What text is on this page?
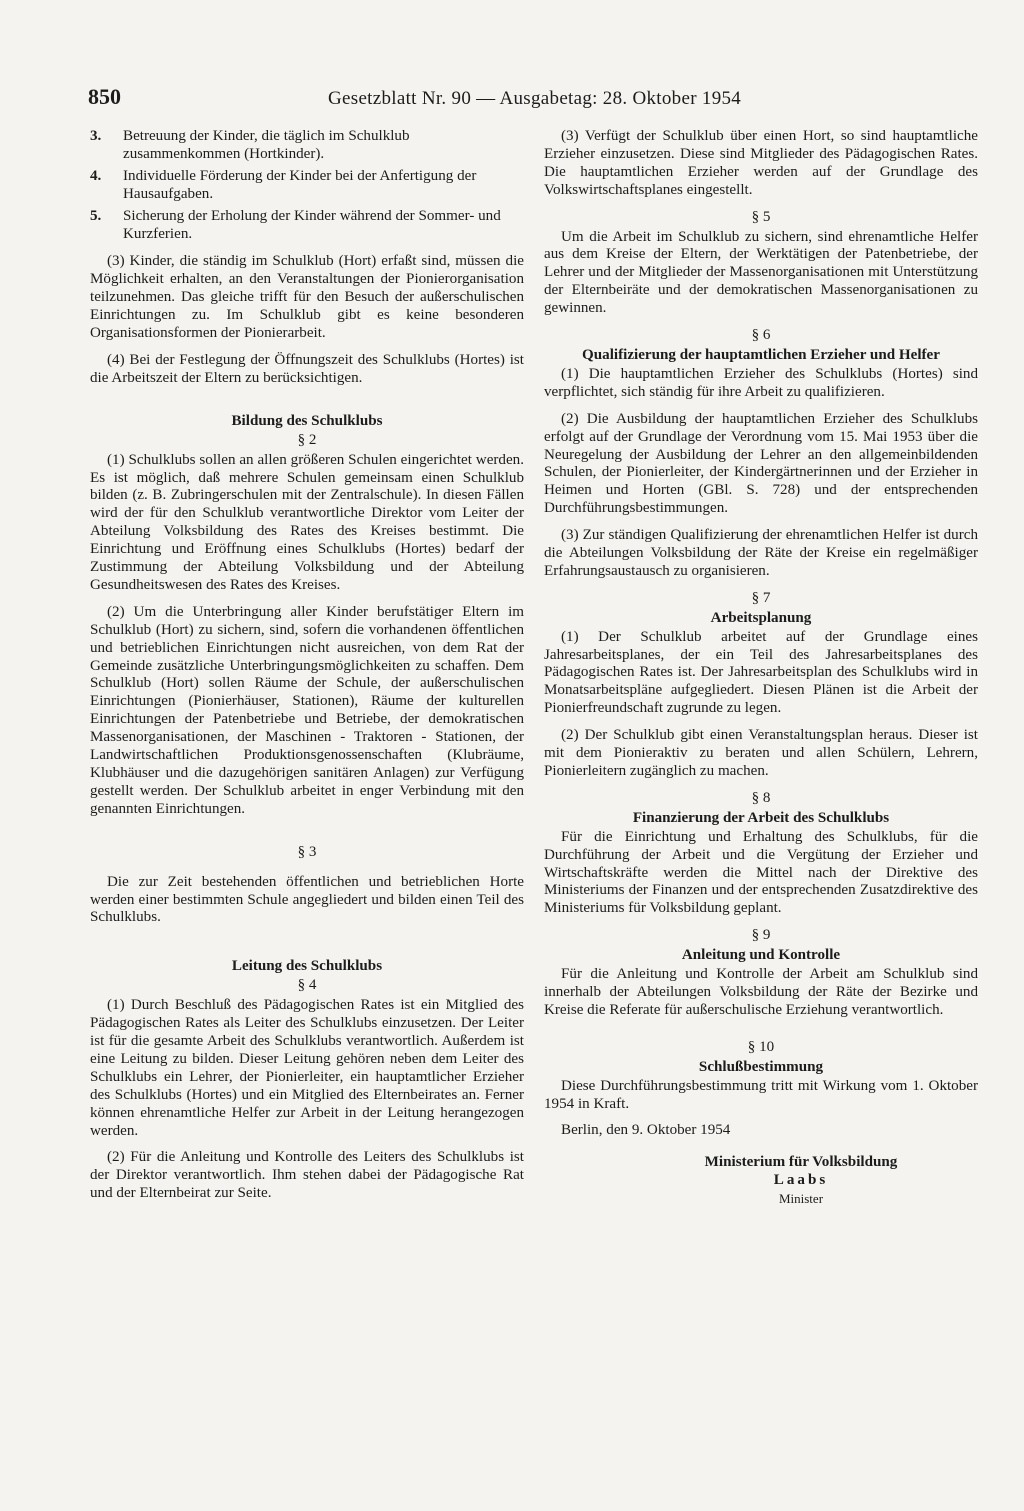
850	Gesetzblatt Nr. 90 — Ausgabetag: 28. Oktober 1954
3.	Betreuung der Kinder, die täglich im Schulklub zusammenkommen (Hortkinder).
4.	Individuelle Förderung der Kinder bei der Anfertigung der Hausaufgaben.
5.	Sicherung der Erholung der Kinder während der Sommer- und Kurzferien.

(3) Kinder, die ständig im Schulklub (Hort) erfaßt sind, müssen die Möglichkeit erhalten, an den Veranstaltungen der Pionierorganisation teilzunehmen. Das gleiche trifft für den Besuch der außerschulischen Einrichtungen zu. Im Schulklub gibt es keine besonderen Organisationsformen der Pionierarbeit.

(4) Bei der Festlegung der Öffnungszeit des Schulklubs (Hortes) ist die Arbeitszeit der Eltern zu berücksichtigen.

Bildung des Schulklubs
§ 2

(1) Schulklubs sollen an allen größeren Schulen eingerichtet werden. Es ist möglich, daß mehrere Schulen gemeinsam einen Schulklub bilden (z. B. Zubringerschulen mit der Zentralschule). In diesen Fällen wird der für den Schulklub verantwortliche Direktor vom Leiter der Abteilung Volksbildung des Rates des Kreises bestimmt. Die Einrichtung und Eröffnung eines Schulklubs (Hortes) bedarf der Zustimmung der Abteilung Volksbildung und der Abteilung Gesundheitswesen des Rates des Kreises.

(2) Um die Unterbringung aller Kinder berufstätiger Eltern im Schulklub (Hort) zu sichern, sind, sofern die vorhandenen öffentlichen und betrieblichen Einrichtungen nicht ausreichen, von dem Rat der Gemeinde zusätzliche Unterbringungsmöglichkeiten zu schaffen. Dem Schulklub (Hort) sollen Räume der Schule, der außerschulischen Einrichtungen (Pionierhäuser, Stationen), Räume der kulturellen Einrichtungen der Patenbetriebe und Betriebe, der demokratischen Massenorganisationen, der Maschinen - Traktoren - Stationen, der Landwirtschaftlichen Produktionsgenossenschaften (Klubräume, Klubhäuser und die dazugehörigen sanitären Anlagen) zur Verfügung gestellt werden. Der Schulklub arbeitet in enger Verbindung mit den genannten Einrichtungen.

§ 3

Die zur Zeit bestehenden öffentlichen und betrieblichen Horte werden einer bestimmten Schule angegliedert und bilden einen Teil des Schulklubs.

Leitung des Schulklubs
§ 4

(1) Durch Beschluß des Pädagogischen Rates ist ein Mitglied des Pädagogischen Rates als Leiter des Schulklubs einzusetzen. Der Leiter ist für die gesamte Arbeit des Schulklubs verantwortlich. Außerdem ist eine Leitung zu bilden. Dieser Leitung gehören neben dem Leiter des Schulklubs ein Lehrer, der Pionierleiter, ein hauptamtlicher Erzieher des Schulklubs (Hortes) und ein Mitglied des Elternbeirates an. Ferner können ehrenamtliche Helfer zur Arbeit in der Leitung herangezogen werden.

(2) Für die Anleitung und Kontrolle des Leiters des Schulklubs ist der Direktor verantwortlich. Ihm stehen dabei der Pädagogische Rat und der Elternbeirat zur Seite.

(3) Verfügt der Schulklub über einen Hort, so sind hauptamtliche Erzieher einzusetzen. Diese sind Mitglieder des Pädagogischen Rates. Die hauptamtlichen Erzieher werden auf der Grundlage des Volkswirtschaftsplanes eingestellt.

§ 5

Um die Arbeit im Schulklub zu sichern, sind ehrenamtliche Helfer aus dem Kreise der Eltern, der Werktätigen der Patenbetriebe, der Lehrer und der Mitglieder der Massenorganisationen mit Unterstützung der Elternbeiräte und der demokratischen Massenorganisationen zu gewinnen.

§ 6
Qualifizierung der hauptamtlichen Erzieher und Helfer

(1) Die hauptamtlichen Erzieher des Schulklubs (Hortes) sind verpflichtet, sich ständig für ihre Arbeit zu qualifizieren.

(2) Die Ausbildung der hauptamtlichen Erzieher des Schulklubs erfolgt auf der Grundlage der Verordnung vom 15. Mai 1953 über die Neuregelung der Ausbildung der Lehrer an den allgemeinbildenden Schulen, der Pionierleiter, der Kindergärtnerinnen und der Erzieher in Heimen und Horten (GBl. S. 728) und der entsprechenden Durchführungsbestimmungen.

(3) Zur ständigen Qualifizierung der ehrenamtlichen Helfer ist durch die Abteilungen Volksbildung der Räte der Kreise ein regelmäßiger Erfahrungsaustausch zu organisieren.

§ 7
Arbeitsplanung

(1) Der Schulklub arbeitet auf der Grundlage eines Jahresarbeitsplanes, der ein Teil des Jahresarbeitsplanes des Pädagogischen Rates ist. Der Jahresarbeitsplan des Schulklubs wird in Monatsarbeitspläne aufgegliedert. Diesen Plänen ist die Arbeit der Pionierfreundschaft zugrunde zu legen.

(2) Der Schulklub gibt einen Veranstaltungsplan heraus. Dieser ist mit dem Pionieraktiv zu beraten und allen Schülern, Lehrern, Pionierleitern zugänglich zu machen.

§ 8
Finanzierung der Arbeit des Schulklubs

Für die Einrichtung und Erhaltung des Schulklubs, für die Durchführung der Arbeit und die Vergütung der Erzieher und Wirtschaftskräfte werden die Mittel nach der Direktive des Ministeriums der Finanzen und der entsprechenden Zusatzdirektive des Ministeriums für Volksbildung geplant.

§ 9
Anleitung und Kontrolle

Für die Anleitung und Kontrolle der Arbeit am Schulklub sind innerhalb der Abteilungen Volksbildung der Räte der Bezirke und Kreise die Referate für außerschulische Erziehung verantwortlich.

§ 10
Schlußbestimmung

Diese Durchführungsbestimmung tritt mit Wirkung vom 1. Oktober 1954 in Kraft.

Berlin, den 9. Oktober 1954
Ministerium für Volksbildung
Laabs
Minister
